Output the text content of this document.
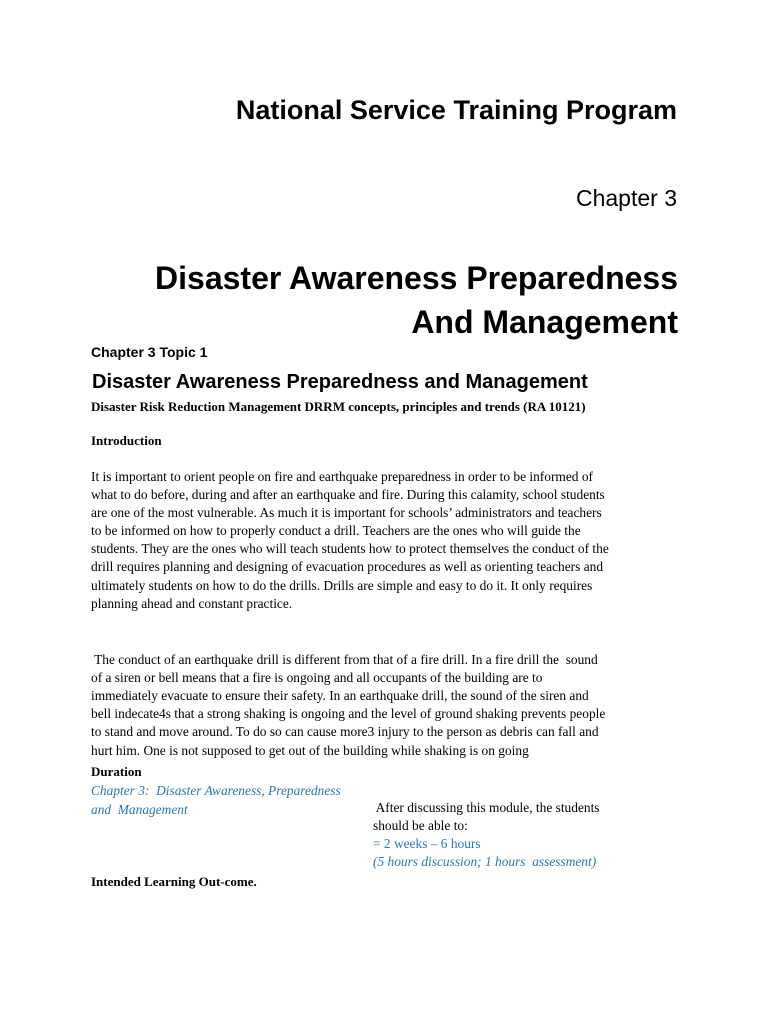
National Service Training Program
Chapter 3
Disaster Awareness Preparedness
And Management
Chapter 3 Topic 1
Disaster Awareness Preparedness and Management
Disaster Risk Reduction Management DRRM concepts, principles and trends (RA 10121)
Introduction
It is important to orient people on fire and earthquake preparedness in order to be informed of
what to do before, during and after an earthquake and fire. During this calamity, school students
are one of the most vulnerable. As much it is important for schools’ administrators and teachers
to be informed on how to properly conduct a drill. Teachers are the ones who will guide the
students. They are the ones who will teach students how to protect themselves the conduct of the
drill requires planning and designing of evacuation procedures as well as orienting teachers and
ultimately students on how to do the drills. Drills are simple and easy to do it. It only requires
planning ahead and constant practice.

The conduct of an earthquake drill is different from that of a fire drill. In a fire drill the  sound
of a siren or bell means that a fire is ongoing and all occupants of the building are to
immediately evacuate to ensure their safety. In an earthquake drill, the sound of the siren and
bell indecate4s that a strong shaking is ongoing and the level of ground shaking prevents people
to stand and move around. To do so can cause more3 injury to the person as debris can fall and
hurt him. One is not supposed to get out of the building while shaking is on going
Duration
Chapter 3:  Disaster Awareness, Preparedness
and  Management	After discussing this module, the students
should be able to:
= 2 weeks – 6 hours
(5 hours discussion; 1 hours  assessment)
Intended Learning Out-come.
